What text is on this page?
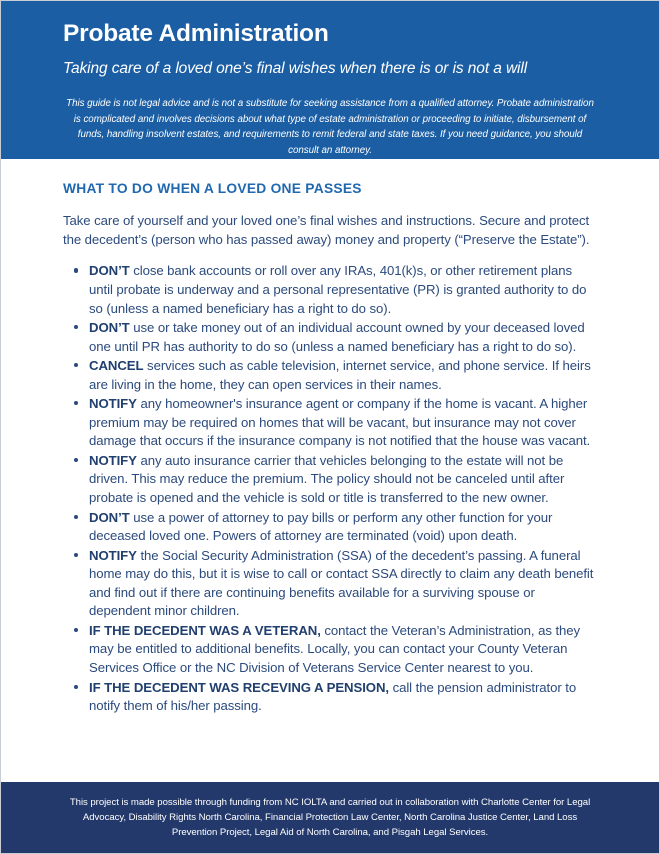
Probate Administration
Taking care of a loved one’s final wishes when there is or is not a will
This guide is not legal advice and is not a substitute for seeking assistance from a qualified attorney. Probate administration is complicated and involves decisions about what type of estate administration or proceeding to initiate, disbursement of funds, handling insolvent estates, and requirements to remit federal and state taxes. If you need guidance, you should consult an attorney.
WHAT TO DO WHEN A LOVED ONE PASSES

Take care of yourself and your loved one’s final wishes and instructions. Secure and protect the decedent’s (person who has passed away) money and property (“Preserve the Estate”).

DON’T close bank accounts or roll over any IRAs, 401(k)s, or other retirement plans until probate is underway and a personal representative (PR) is granted authority to do so (unless a named beneficiary has a right to do so).
DON’T use or take money out of an individual account owned by your deceased loved one until PR has authority to do so (unless a named beneficiary has a right to do so).
CANCEL services such as cable television, internet service, and phone service. If heirs are living in the home, they can open services in their names.
NOTIFY any homeowner's insurance agent or company if the home is vacant. A higher premium may be required on homes that will be vacant, but insurance may not cover damage that occurs if the insurance company is not notified that the house was vacant.
NOTIFY any auto insurance carrier that vehicles belonging to the estate will not be driven. This may reduce the premium. The policy should not be canceled until after probate is opened and the vehicle is sold or title is transferred to the new owner.
DON’T use a power of attorney to pay bills or perform any other function for your deceased loved one. Powers of attorney are terminated (void) upon death.
NOTIFY the Social Security Administration (SSA) of the decedent’s passing. A funeral home may do this, but it is wise to call or contact SSA directly to claim any death benefit and find out if there are continuing benefits available for a surviving spouse or dependent minor children.
IF THE DECEDENT WAS A VETERAN, contact the Veteran’s Administration, as they may be entitled to additional benefits. Locally, you can contact your County Veteran Services Office or the NC Division of Veterans Service Center nearest to you.
IF THE DECEDENT WAS RECEVING A PENSION, call the pension administrator to notify them of his/her passing.
This project is made possible through funding from NC IOLTA and carried out in collaboration with Charlotte Center for Legal Advocacy, Disability Rights North Carolina, Financial Protection Law Center, North Carolina Justice Center, Land Loss Prevention Project, Legal Aid of North Carolina, and Pisgah Legal Services.
